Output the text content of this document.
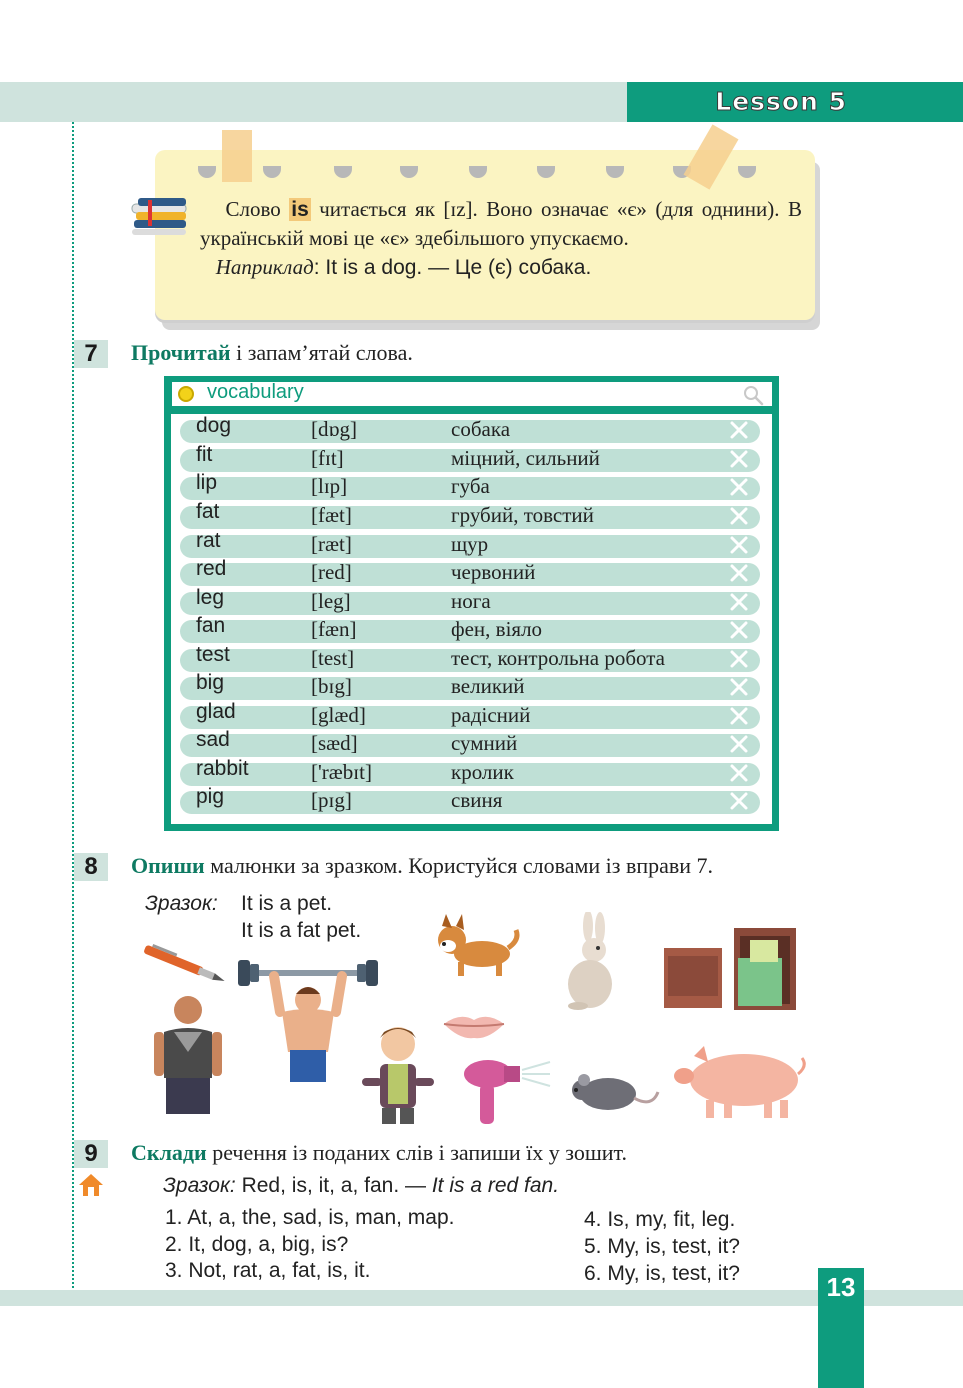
Lesson 5
Слово is читається як [ɪz]. Воно означає «є» (для однини). В українській мові це «є» здебільшого упускаємо.
Наприклад: It is a dog. — Це (є) собака.
7	Прочитай і запам’ятай слова.
vocabulary
dog	[dɒg]	собака
fit	[fɪt]	міцний, сильний
lip	[lɪp]	губа
fat	[fæt]	грубий, товстий
rat	[ræt]	щур
red	[red]	червоний
leg	[leg]	нога
fan	[fæn]	фен, віяло
test	[test]	тест, контрольна робота
big	[bɪg]	великий
glad	[glæd]	радісний
sad	[sæd]	сумний
rabbit	['ræbɪt]	кролик
pig	[pɪg]	свиня
8	Опиши малюнки за зразком. Користуйся словами із вправи 7.
Зразок: It is a pet.
It is a fat pet.
9	Склади речення із поданих слів і запиши їх у зошит.
Зразок: Red, is, it, a, fan. — It is a red fan.
1. At, a, the, sad, is, man, map.
2. It, dog, a, big, is?
3. Not, rat, a, fat, is, it.
4. Is, my, fit, leg.
5. My, is, test, it?
6. My, is, test, it?	13
